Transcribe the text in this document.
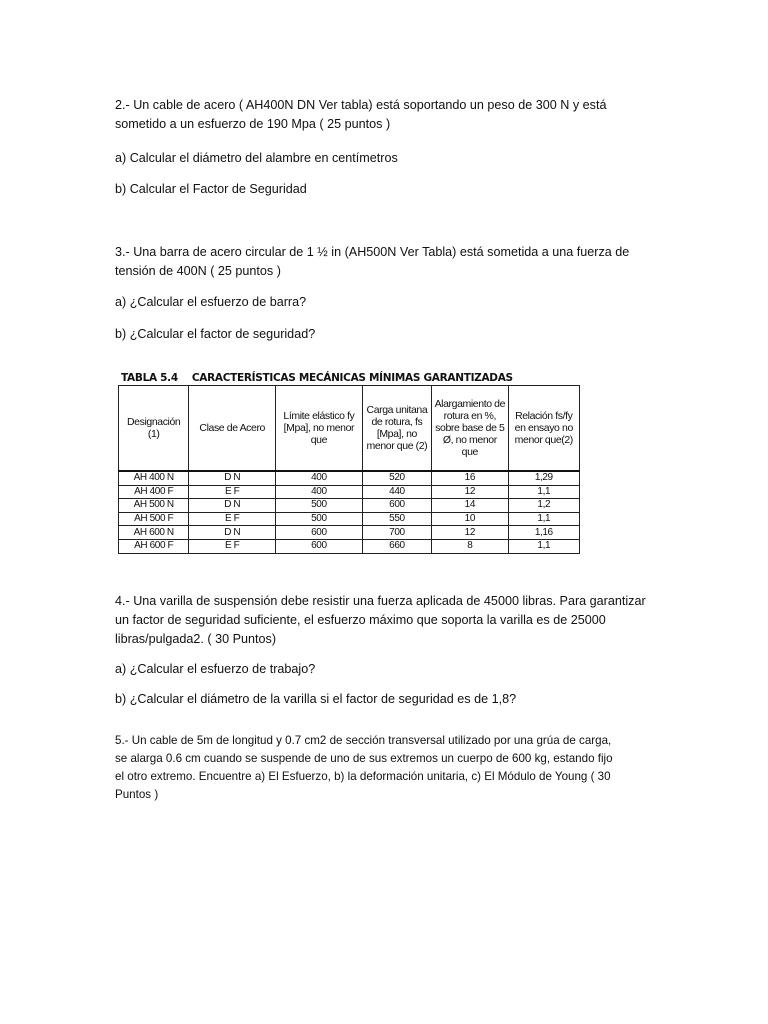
2.- Un cable de acero ( AH400N DN Ver tabla) está soportando un peso de 300 N y está
sometido a un esfuerzo de 190 Mpa ( 25 puntos )
a) Calcular el diámetro del alambre en centímetros
b) Calcular el Factor de Seguridad
3.- Una barra de acero circular de 1 ½ in (AH500N Ver Tabla) está sometida a una fuerza de
tensión de 400N ( 25 puntos )
a) ¿Calcular el esfuerzo de barra?
b) ¿Calcular el factor de seguridad?
TABLA 5.4 CARACTERÍSTICAS MECÁNICAS MÍNIMAS GARANTIZADAS
Designación (1)	Clase de Acero	Límite elástico fy [Mpa], no menor que	Carga unitana de rotura, fs [Mpa], no menor que (2)	Alargamiento de rotura en %, sobre base de 5 Ø, no menor que	Relación fs/fy en ensayo no menor que(2)
AH 400 N	D N	400	520	16	1,29
AH 400 F	E F	400	440	12	1,1
AH 500 N	D N	500	600	14	1,2
AH 500 F	E F	500	550	10	1,1
AH 600 N	D N	600	700	12	1,16
AH 600 F	E F	600	660	8	1,1
4.- Una varilla de suspensión debe resistir una fuerza aplicada de 45000 libras. Para garantizar
un factor de seguridad suficiente, el esfuerzo máximo que soporta la varilla es de 25000
libras/pulgada2. ( 30 Puntos)
a) ¿Calcular el esfuerzo de trabajo?
b) ¿Calcular el diámetro de la varilla si el factor de seguridad es de 1,8?
5.- Un cable de 5m de longitud y 0.7 cm2 de sección transversal utilizado por una grúa de carga,
se alarga 0.6 cm cuando se suspende de uno de sus extremos un cuerpo de 600 kg, estando fijo
el otro extremo. Encuentre a) El Esfuerzo, b) la deformación unitaria, c) El Módulo de Young ( 30
Puntos )
